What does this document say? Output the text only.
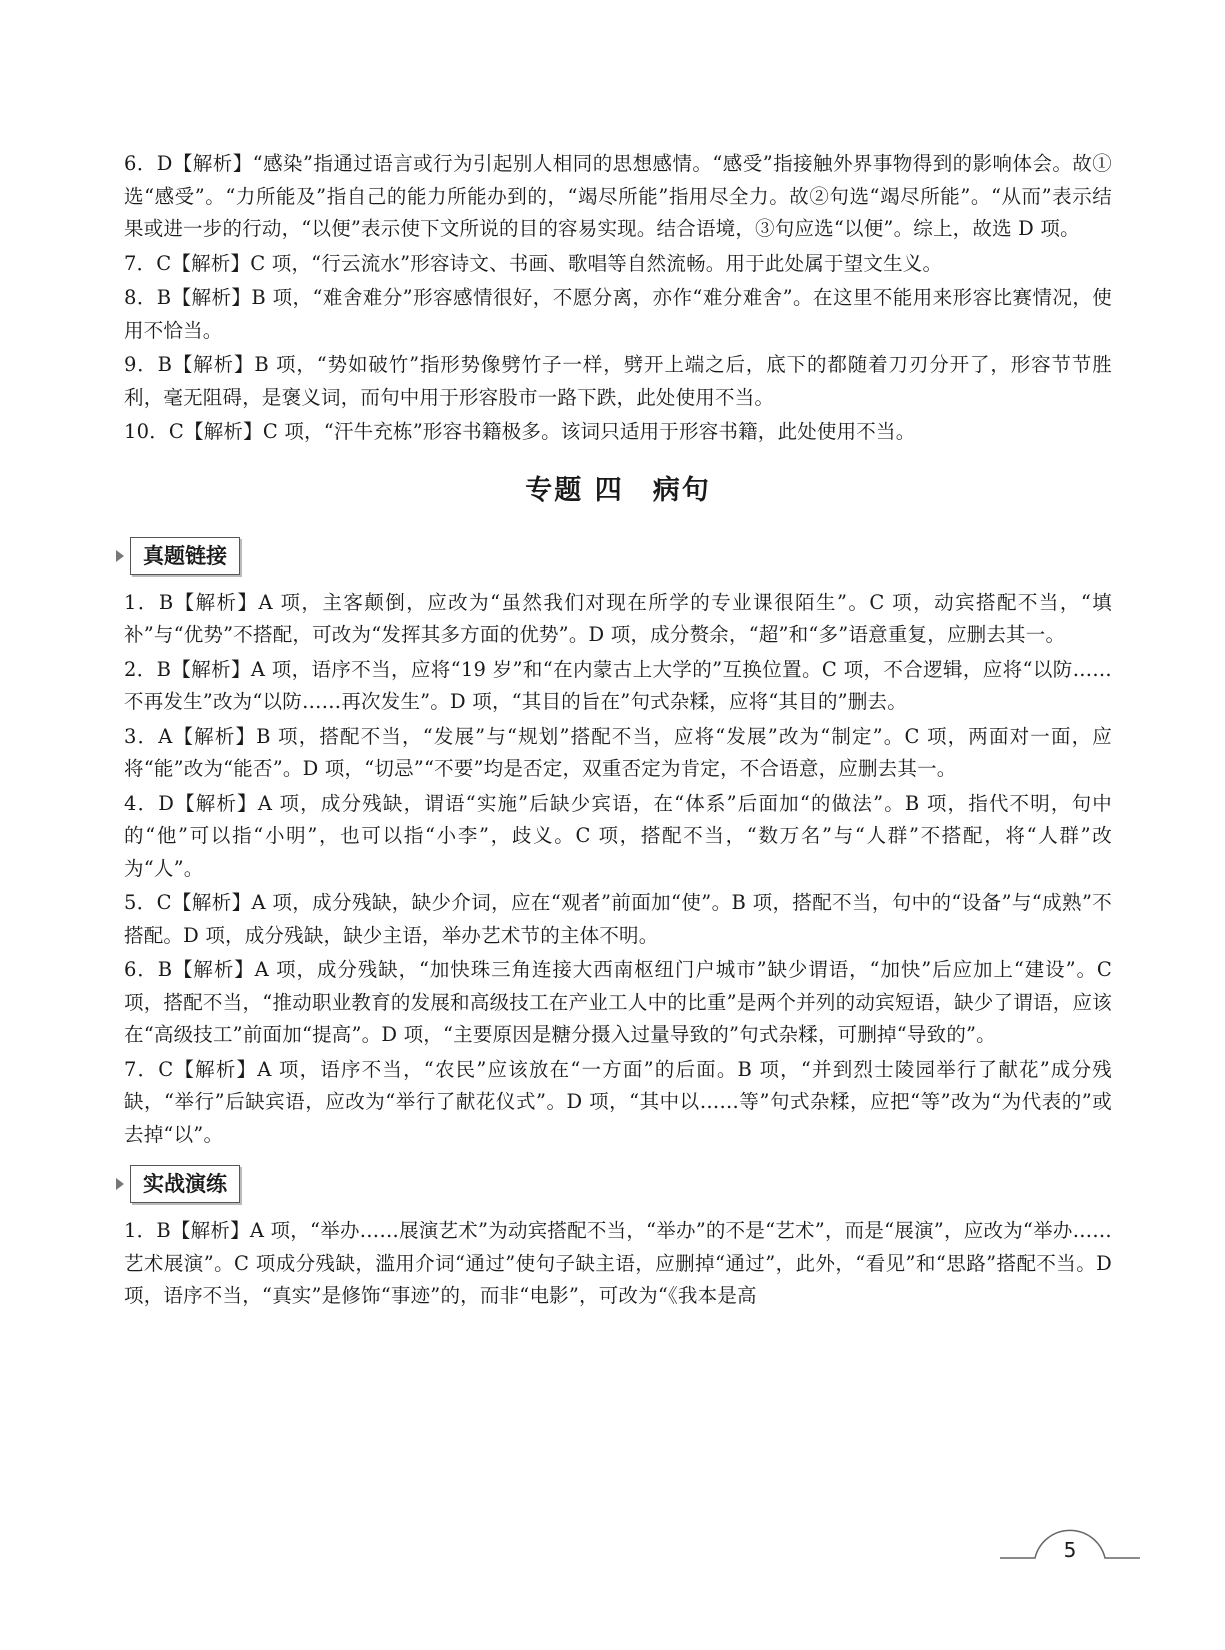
6．D【解析】“感染”指通过语言或行为引起别人相同的思想感情。“感受”指接触外界事物得到的影响体会。故①选“感受”。“力所能及”指自己的能力所能办到的，“竭尽所能”指用尽全力。故②句选“竭尽所能”。“从而”表示结果或进一步的行动，“以便”表示使下文所说的目的容易实现。结合语境，③句应选“以便”。综上，故选 D 项。

7．C【解析】C 项，“行云流水”形容诗文、书画、歌唱等自然流畅。用于此处属于望文生义。

8．B【解析】B 项，“难舍难分”形容感情很好，不愿分离，亦作“难分难舍”。在这里不能用来形容比赛情况，使用不恰当。

9．B【解析】B 项，“势如破竹”指形势像劈竹子一样，劈开上端之后，底下的都随着刀刃分开了，形容节节胜利，毫无阻碍，是褒义词，而句中用于形容股市一路下跌，此处使用不当。

10．C【解析】C 项，“汗牛充栋”形容书籍极多。该词只适用于形容书籍，此处使用不当。

专题 四　病句
真题链接

1．B【解析】A 项，主客颠倒，应改为“虽然我们对现在所学的专业课很陌生”。C 项，动宾搭配不当，“填补”与“优势”不搭配，可改为“发挥其多方面的优势”。D 项，成分赘余，“超”和“多”语意重复，应删去其一。

2．B【解析】A 项，语序不当，应将“19 岁”和“在内蒙古上大学的”互换位置。C 项，不合逻辑，应将“以防……不再发生”改为“以防……再次发生”。D 项，“其目的旨在”句式杂糅，应将“其目的”删去。

3．A【解析】B 项，搭配不当，“发展”与“规划”搭配不当，应将“发展”改为“制定”。C 项，两面对一面，应将“能”改为“能否”。D 项，“切忌”“不要”均是否定，双重否定为肯定，不合语意，应删去其一。

4．D【解析】A 项，成分残缺，谓语“实施”后缺少宾语，在“体系”后面加“的做法”。B 项，指代不明，句中的“他”可以指“小明”，也可以指“小李”，歧义。C 项，搭配不当，“数万名”与“人群”不搭配，将“人群”改为“人”。

5．C【解析】A 项，成分残缺，缺少介词，应在“观者”前面加“使”。B 项，搭配不当，句中的“设备”与“成熟”不搭配。D 项，成分残缺，缺少主语，举办艺术节的主体不明。

6．B【解析】A 项，成分残缺，“加快珠三角连接大西南枢纽门户城市”缺少谓语，“加快”后应加上“建设”。C 项，搭配不当，“推动职业教育的发展和高级技工在产业工人中的比重”是两个并列的动宾短语，缺少了谓语，应该在“高级技工”前面加“提高”。D 项，“主要原因是糖分摄入过量导致的”句式杂糅，可删掉“导致的”。

7．C【解析】A 项，语序不当，“农民”应该放在“一方面”的后面。B 项，“并到烈士陵园举行了献花”成分残缺，“举行”后缺宾语，应改为“举行了献花仪式”。D 项，“其中以……等”句式杂糅，应把“等”改为“为代表的”或去掉“以”。

实战演练

1．B【解析】A 项，“举办……展演艺术”为动宾搭配不当，“举办”的不是“艺术”，而是“展演”，应改为“举办……艺术展演”。C 项成分残缺，滥用介词“通过”使句子缺主语，应删掉“通过”，此外，“看见”和“思路”搭配不当。D 项，语序不当，“真实”是修饰“事迹”的，而非“电影”，可改为“《我本是高

5
